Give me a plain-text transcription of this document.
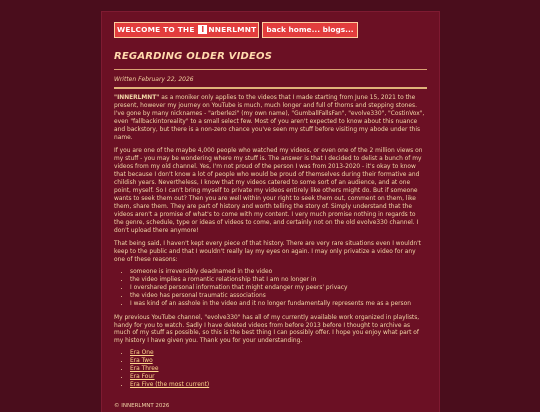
WELCOME TO THE I NNERLMNT	back home... blogs...
REGARDING OLDER VIDEOS
Written February 22, 2026

"INNERLMNT" as a moniker only applies to the videos that I made starting from June 15, 2021 to the present, however my journey on YouTube is much, much longer and full of thorns and stepping stones. I've gone by many nicknames - "arberlezi" (my own name), "GumballFallsFan", "evolve330", "CostinVox", even "fallbackintoreality" to a small select few. Most of you aren't expected to know about this nuance and backstory, but there is a non-zero chance you've seen my stuff before visiting my abode under this name.

If you are one of the maybe 4,000 people who watched my videos, or even one of the 2 million views on my stuff - you may be wondering where my stuff is. The answer is that I decided to delist a bunch of my videos from my old channel. Yes, I'm not proud of the person I was from 2013-2020 - it's okay to know that because I don't know a lot of people who would be proud of themselves during their formative and childish years. Nevertheless, I know that my videos catered to some sort of an audience, and at one point, myself. So I can't bring myself to private my videos entirely like others might do. But if someone wants to seek them out? Then you are well within your right to seek them out, comment on them, like them, share them. They are part of history and worth telling the story of. Simply understand that the videos aren't a promise of what's to come with my content. I very much promise nothing in regards to the genre, schedule, type or ideas of videos to come, and certainly not on the old evolve330 channel. I don't upload there anymore!

That being said, I haven't kept every piece of that history. There are very rare situations even I wouldn't keep to the public and that I wouldn't really lay my eyes on again. I may only privatize a video for any one of these reasons:

• someone is irreversibly deadnamed in the video
• the video implies a romantic relationship that I am no longer in
• I overshared personal information that might endanger my peers' privacy
• the video has personal traumatic associations
• I was kind of an asshole in the video and it no longer fundamentally represents me as a person

My previous YouTube channel, "evolve330" has all of my currently available work organized in playlists, handy for you to watch. Sadly I have deleted videos from before 2013 before I thought to archive as much of my stuff as possible, so this is the best thing I can possibly offer. I hope you enjoy what part of my history I have given you. Thank you for your understanding.

• Era One
• Era Two
• Era Three
• Era Four
• Era Five (the most current)
© INNERLMNT 2026
